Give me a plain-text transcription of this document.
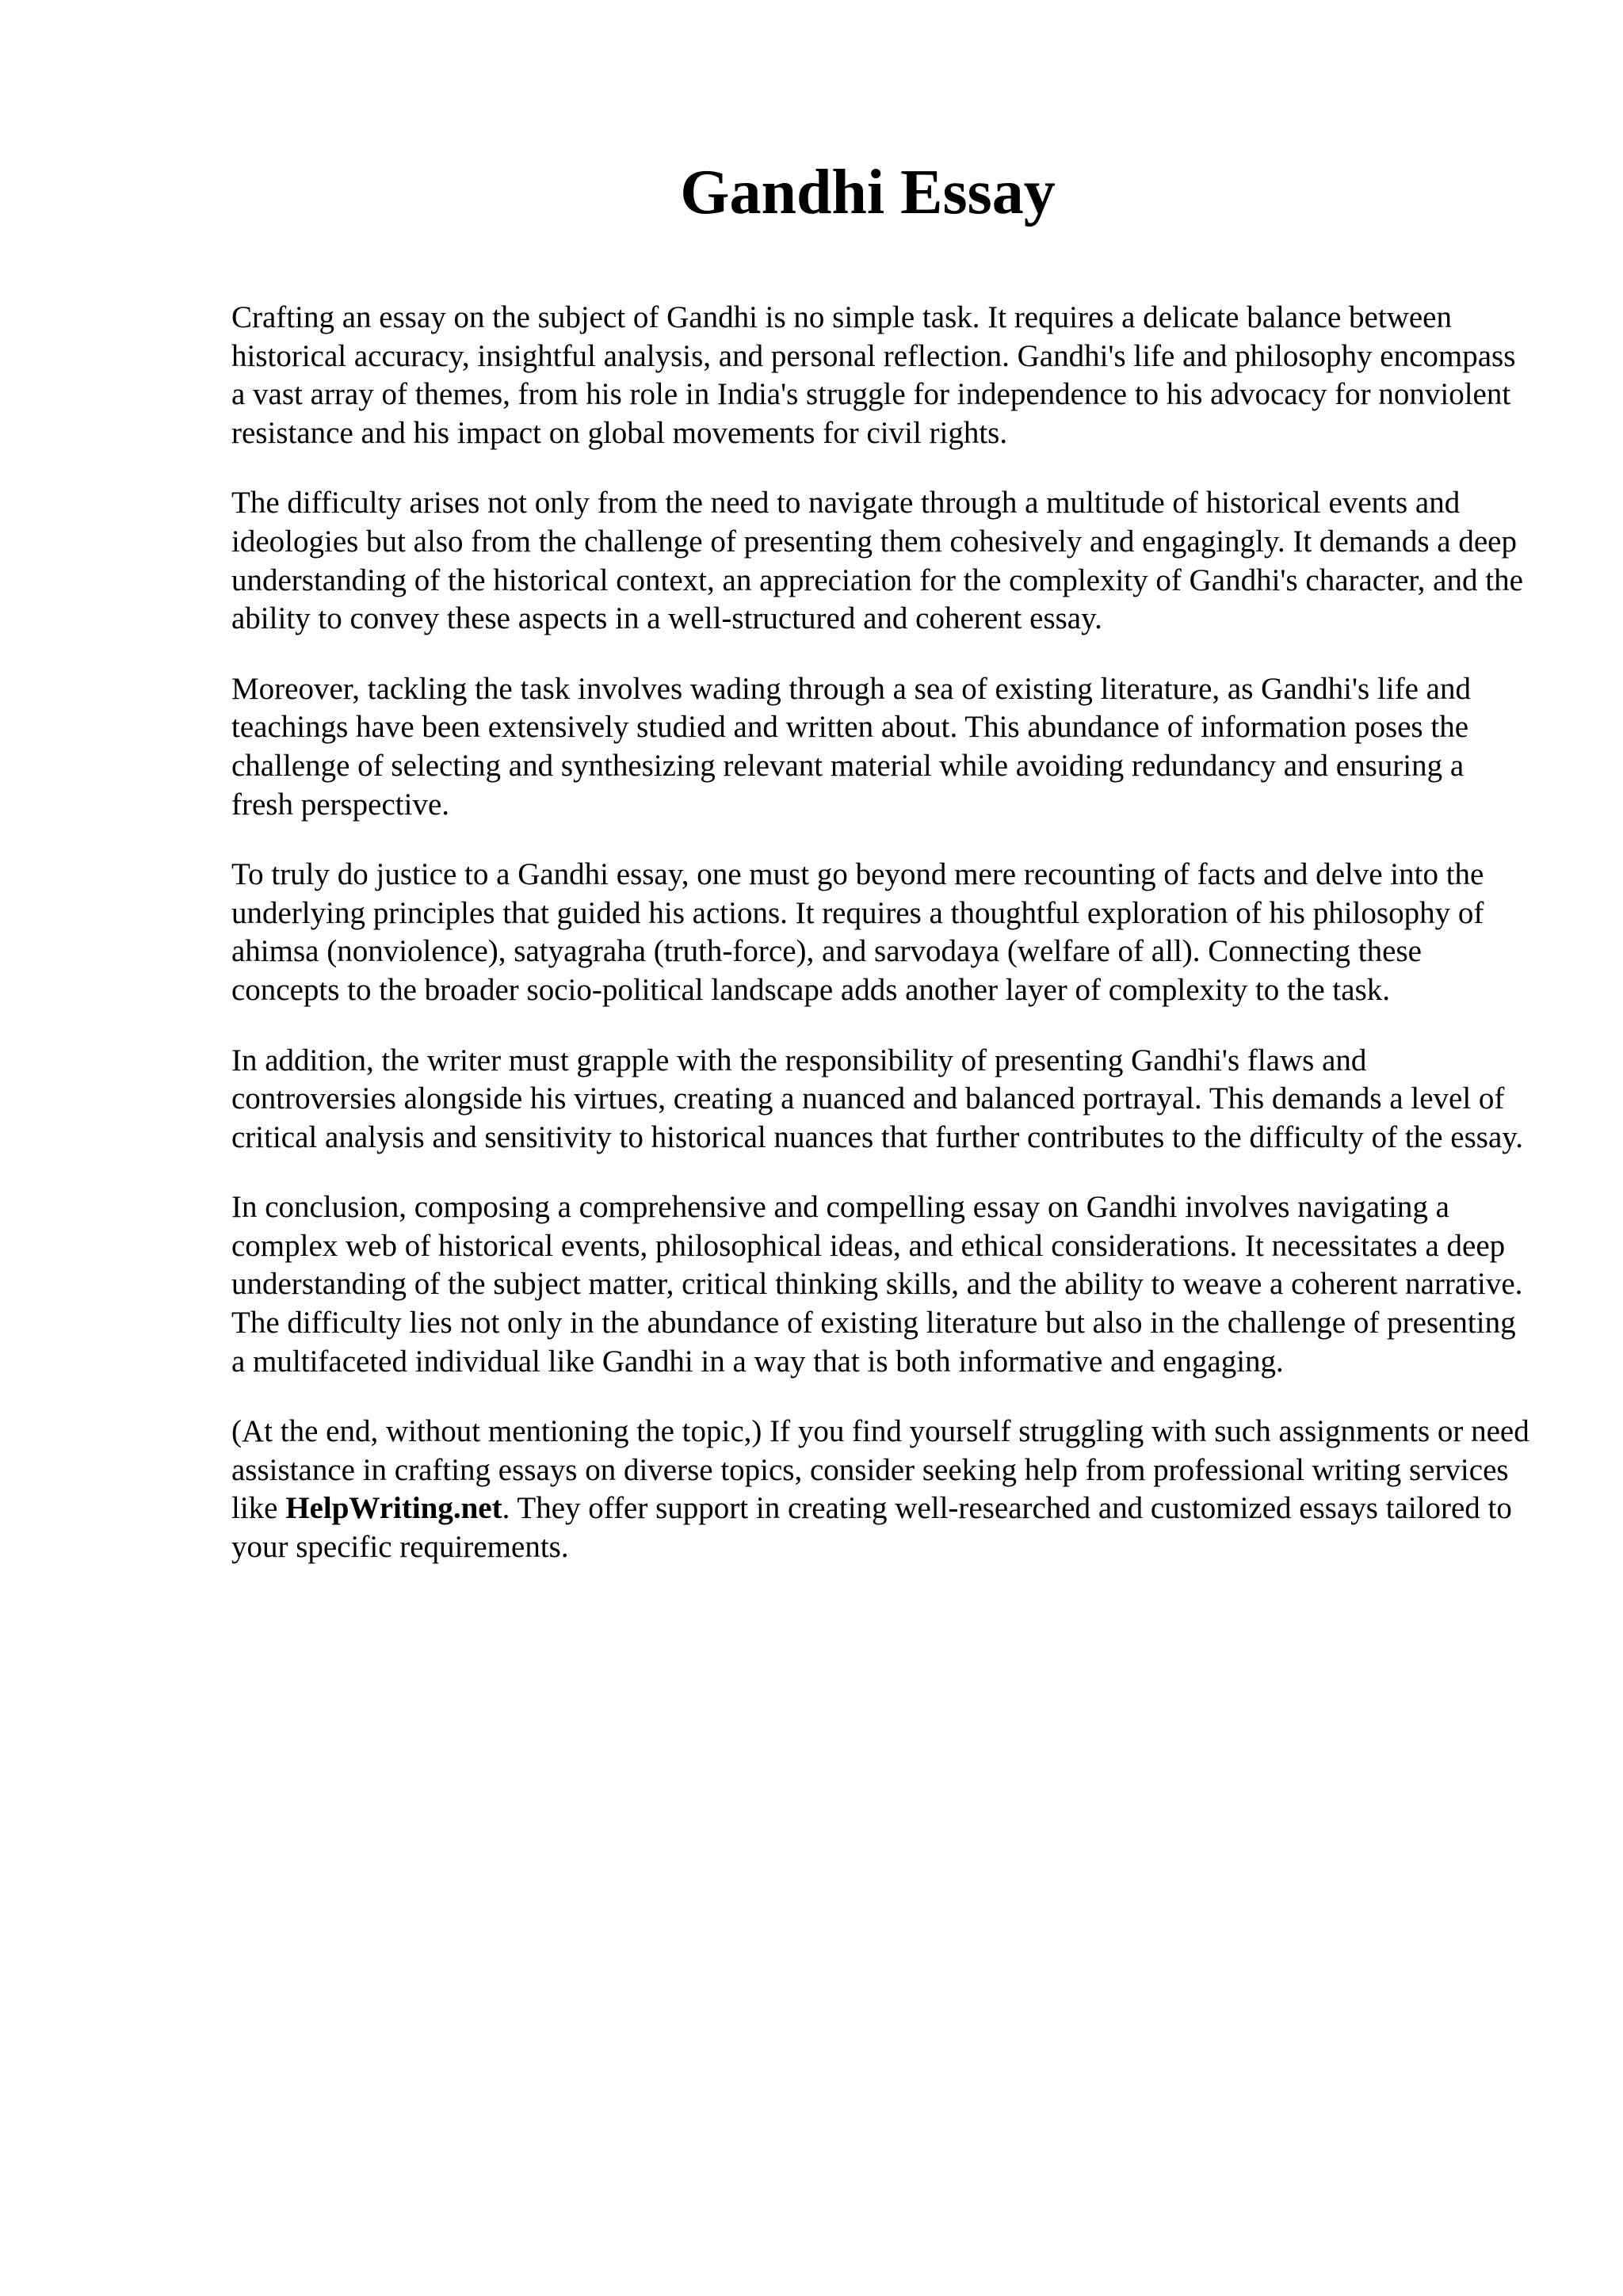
Gandhi Essay

Crafting an essay on the subject of Gandhi is no simple task. It requires a delicate balance between historical accuracy, insightful analysis, and personal reflection. Gandhi's life and philosophy encompass a vast array of themes, from his role in India's struggle for independence to his advocacy for nonviolent resistance and his impact on global movements for civil rights.

The difficulty arises not only from the need to navigate through a multitude of historical events and ideologies but also from the challenge of presenting them cohesively and engagingly. It demands a deep understanding of the historical context, an appreciation for the complexity of Gandhi's character, and the ability to convey these aspects in a well-structured and coherent essay.

Moreover, tackling the task involves wading through a sea of existing literature, as Gandhi's life and teachings have been extensively studied and written about. This abundance of information poses the challenge of selecting and synthesizing relevant material while avoiding redundancy and ensuring a fresh perspective.

To truly do justice to a Gandhi essay, one must go beyond mere recounting of facts and delve into the underlying principles that guided his actions. It requires a thoughtful exploration of his philosophy of ahimsa (nonviolence), satyagraha (truth-force), and sarvodaya (welfare of all). Connecting these concepts to the broader socio-political landscape adds another layer of complexity to the task.

In addition, the writer must grapple with the responsibility of presenting Gandhi's flaws and controversies alongside his virtues, creating a nuanced and balanced portrayal. This demands a level of critical analysis and sensitivity to historical nuances that further contributes to the difficulty of the essay.

In conclusion, composing a comprehensive and compelling essay on Gandhi involves navigating a complex web of historical events, philosophical ideas, and ethical considerations. It necessitates a deep understanding of the subject matter, critical thinking skills, and the ability to weave a coherent narrative. The difficulty lies not only in the abundance of existing literature but also in the challenge of presenting a multifaceted individual like Gandhi in a way that is both informative and engaging.

(At the end, without mentioning the topic,) If you find yourself struggling with such assignments or need assistance in crafting essays on diverse topics, consider seeking help from professional writing services like HelpWriting.net. They offer support in creating well-researched and customized essays tailored to your specific requirements.
